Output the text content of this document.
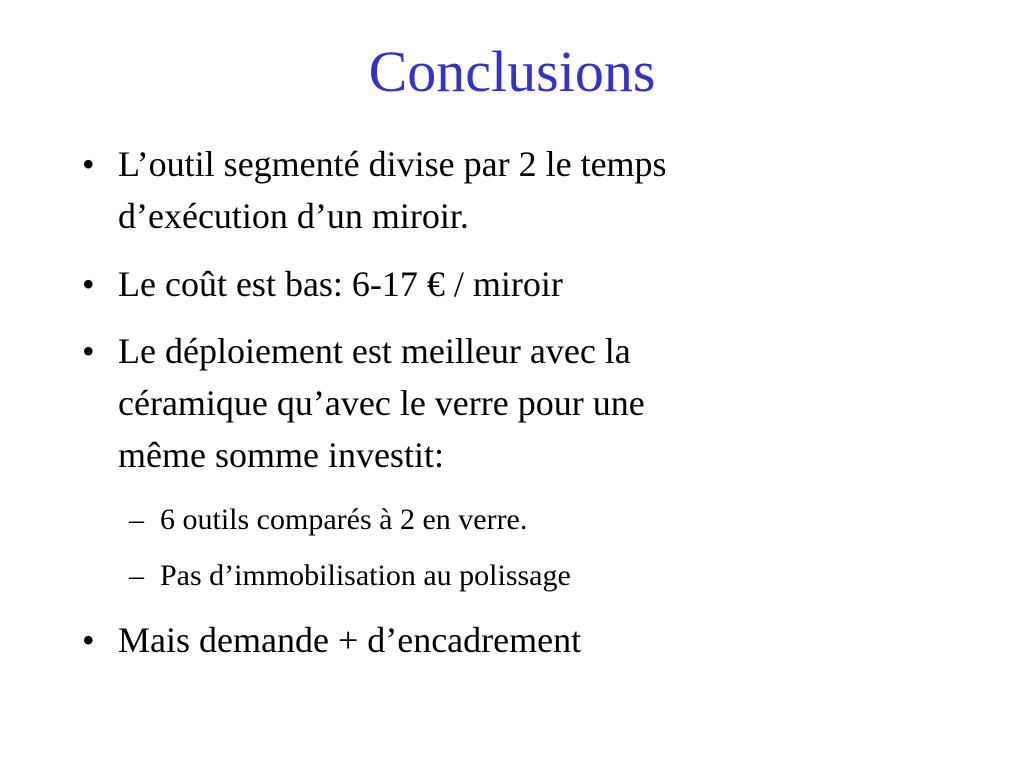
Conclusions
• L’outil segmenté divise par 2 le temps
d’exécution d’un miroir.
• Le coût est bas: 6-17 € / miroir
• Le déploiement est meilleur avec la
céramique qu’avec le verre pour une
même somme investit:
– 6 outils comparés à 2 en verre.
– Pas d’immobilisation au polissage
• Mais demande + d’encadrement
